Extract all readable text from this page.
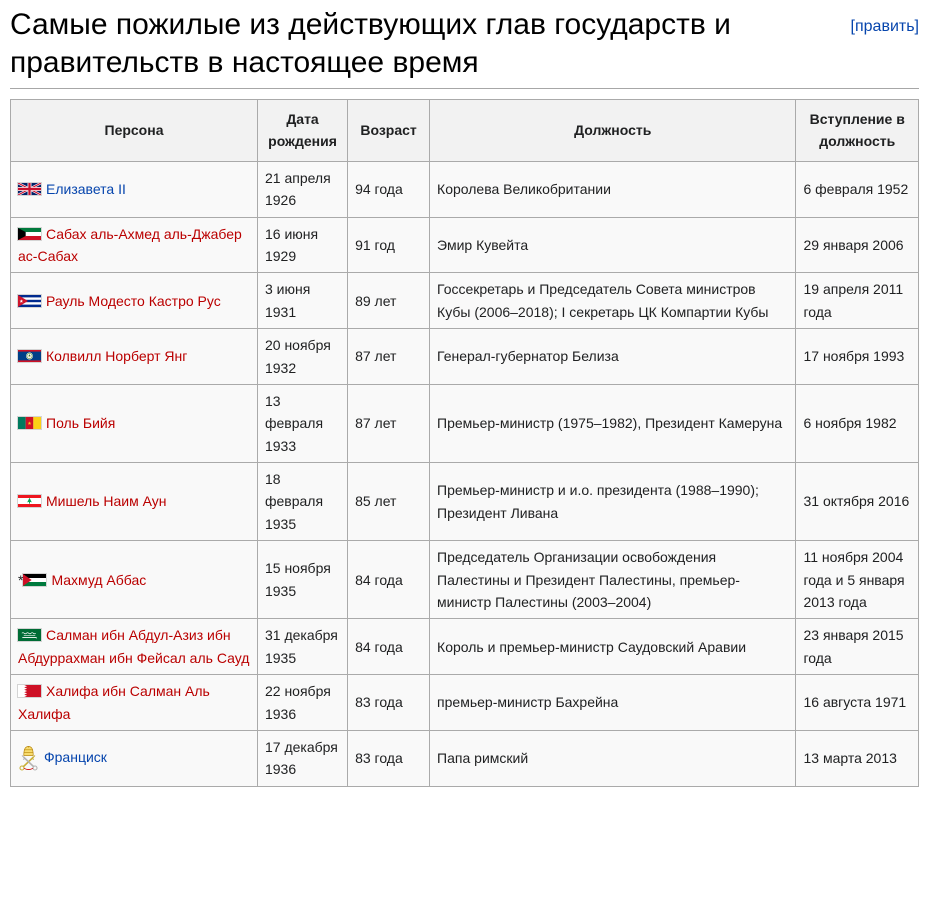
Самые пожилые из действующих глав государств и правительств в настоящее время
[править]
Персона	Дата рождения	Возраст	Должность	Вступление в должность

Елизавета II	21 апреля 1926	94 года	Королева Великобритании	6 февраля 1952

Сабах аль-Ахмед аль-Джабер ас-Сабах	16 июня 1929	91 год	Эмир Кувейта	29 января 2006

Рауль Модесто Кастро Рус	3 июня 1931	89 лет	Госсекретарь и Председатель Совета министров Кубы (2006–2018); I секретарь ЦК Компартии Кубы	19 апреля 2011 года

Колвилл Норберт Янг	20 ноября 1932	87 лет	Генерал-губернатор Белиза	17 ноября 1993

Поль Бийя	13 февраля 1933	87 лет	Премьер-министр (1975–1982), Президент Камеруна	6 ноября 1982

Мишель Наим Аун	18 февраля 1935	85 лет	Премьер-министр и и.о. президента (1988–1990); Президент Ливана	31 октября 2016
* Махмуд Аббас	15 ноября 1935	84 года	Председатель Организации освобождения Палестины и Президент Палестины, премьер-министр Палестины (2003–2004)	11 ноября 2004 года и 5 января 2013 года

Салман ибн Абдул-Азиз ибн Абдуррахман ибн Фейсал аль Сауд	31 декабря 1935	84 года	Король и премьер-министр Саудовский Аравии	23 января 2015 года

Халифа ибн Салман Аль Халифа	22 ноября 1936	83 года	премьер-министр Бахрейна	16 августа 1971

Франциск	17 декабря 1936	83 года	Папа римский	13 марта 2013
